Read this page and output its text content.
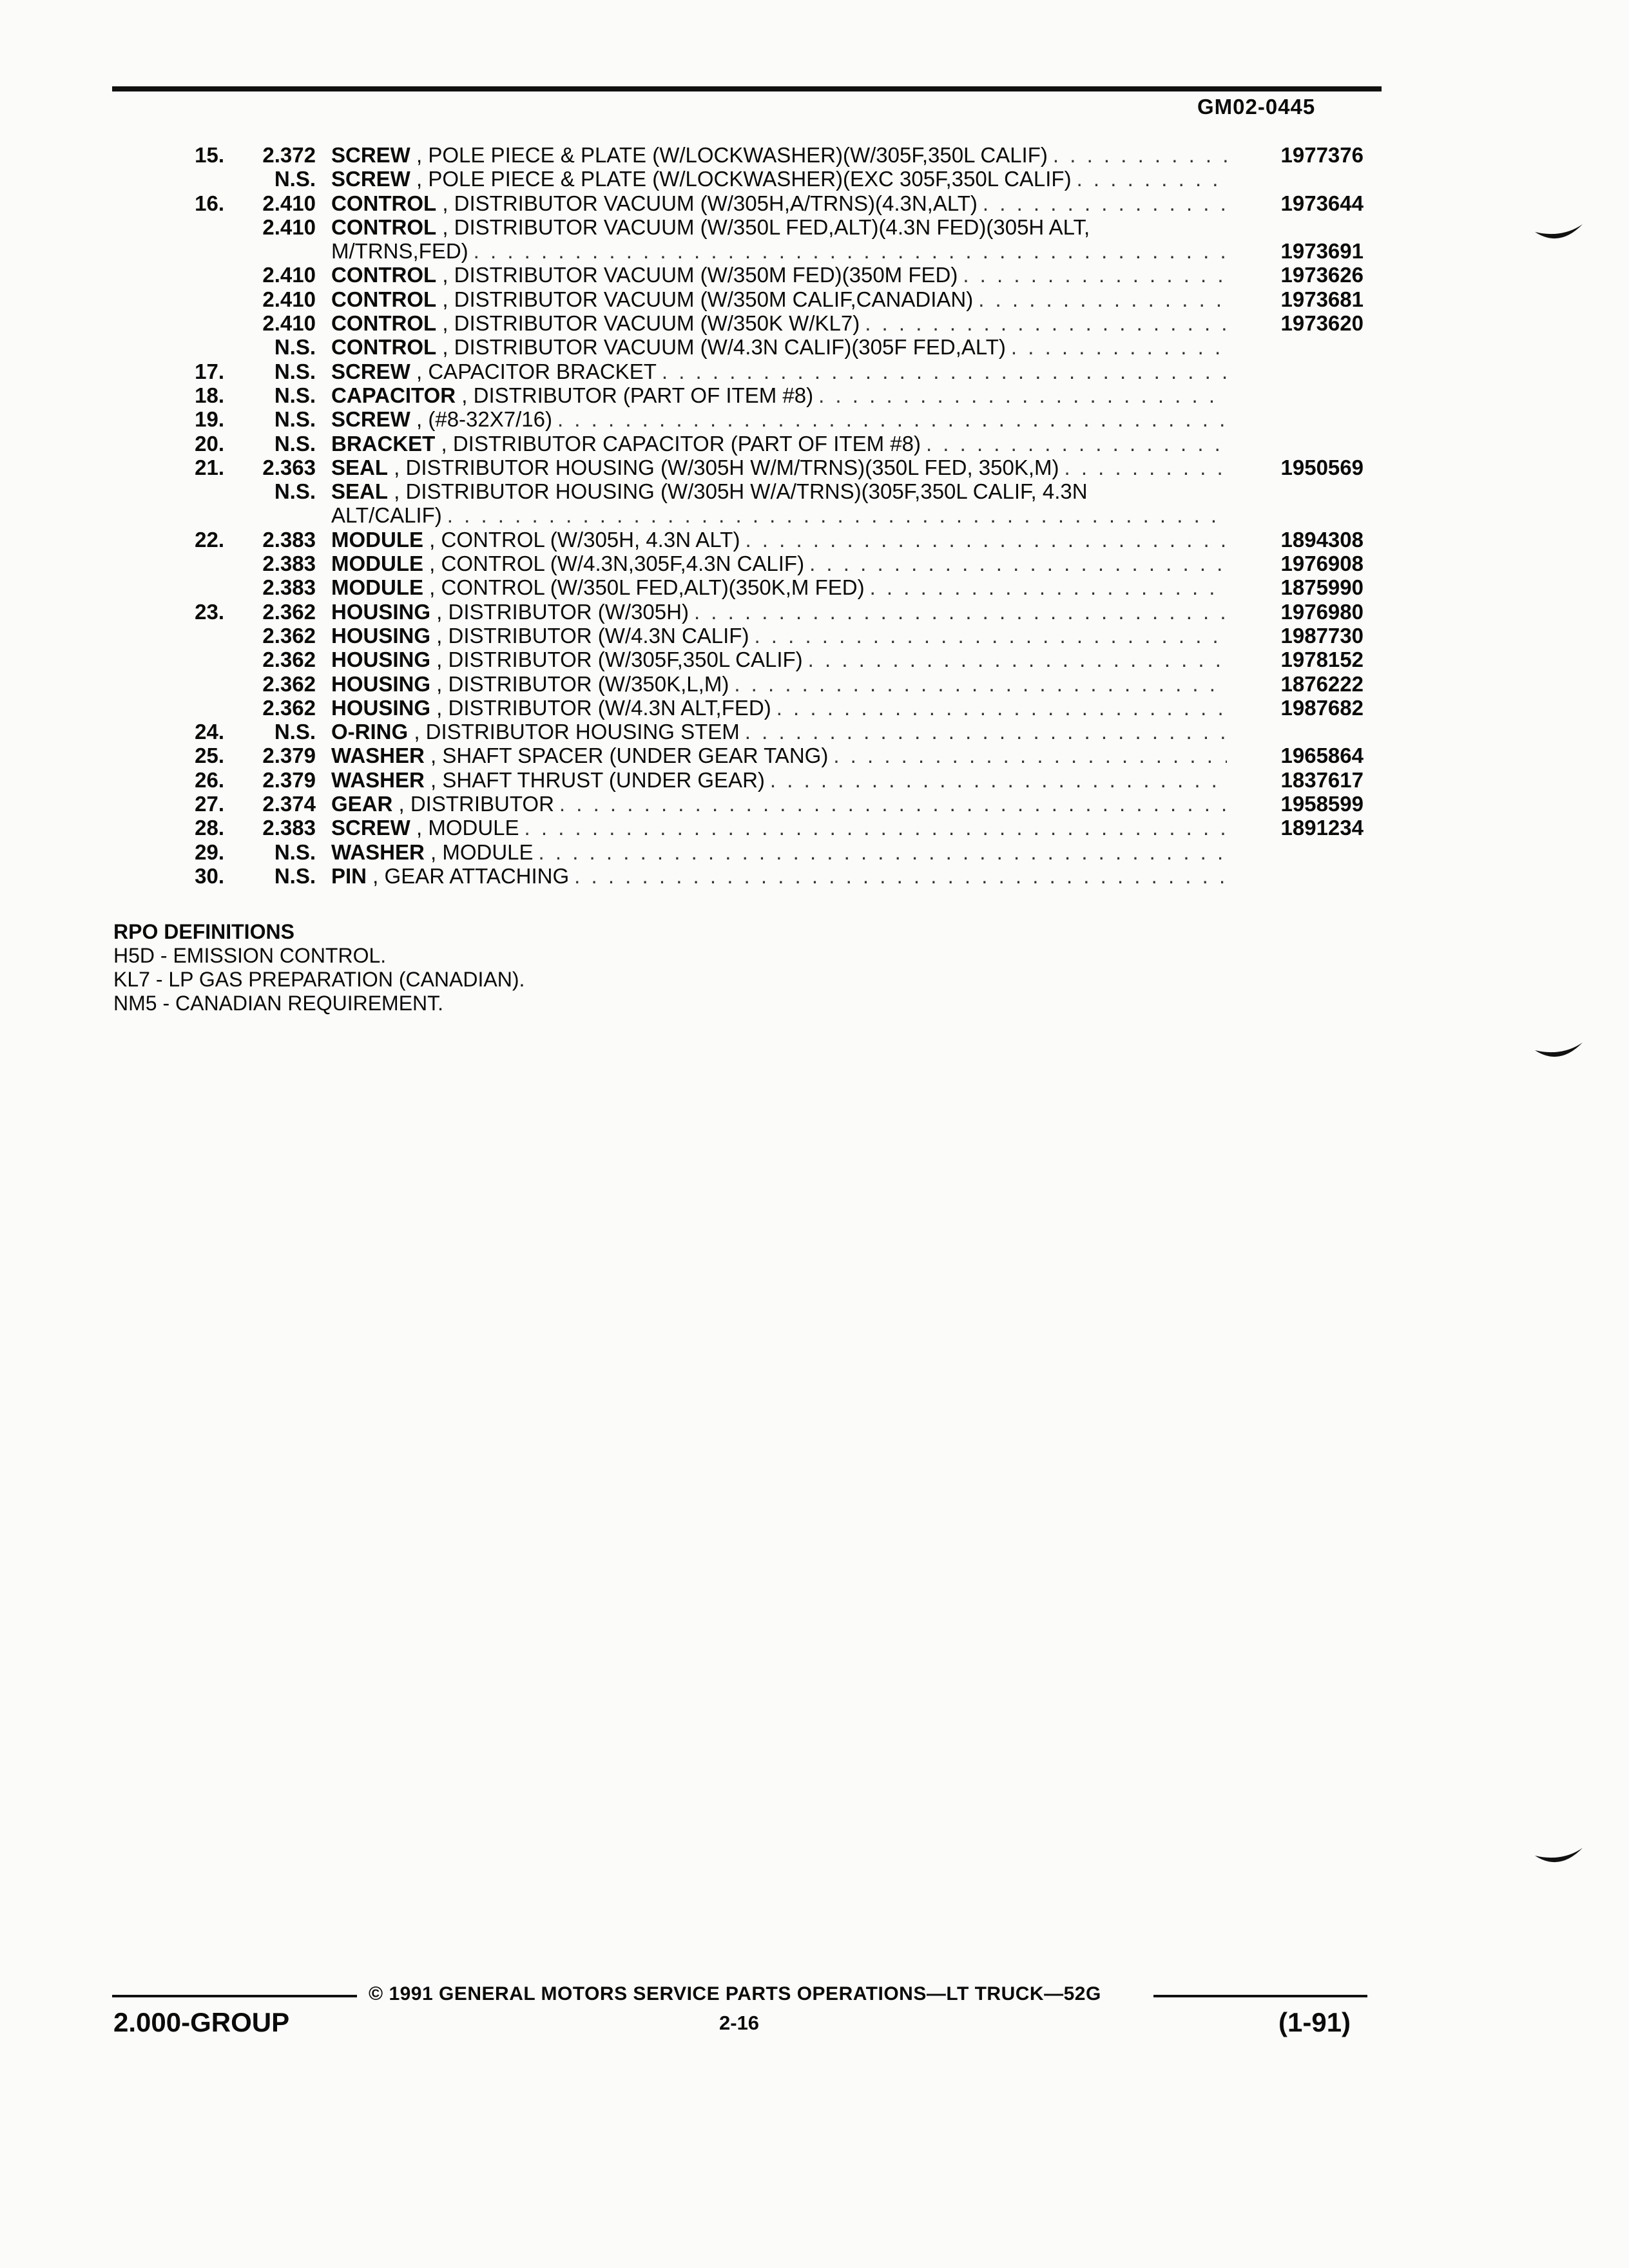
GM02-0445
15.	2.372 SCREW , POLE PIECE & PLATE (W/LOCKWASHER)(W/305F,350L CALIF) . . .	1977376
N.S. SCREW , POLE PIECE & PLATE (W/LOCKWASHER)(EXC 305F,350L CALIF)
. . .
16.	2.410 CONTROL , DISTRIBUTOR VACUUM (W/305H,A/TRNS)(4.3N,ALT) . . .	1973644
2.410 CONTROL , DISTRIBUTOR VACUUM (W/350L FED,ALT)(4.3N FED)(305H ALT,
M/TRNS,FED) . . .	1973691
2.410 CONTROL , DISTRIBUTOR VACUUM (W/350M FED)(350M FED) . . .	1973626
2.410 CONTROL , DISTRIBUTOR VACUUM (W/350M CALIF,CANADIAN) . . .	1973681
2.410 CONTROL , DISTRIBUTOR VACUUM (W/350K W/KL7) . . .	1973620
N.S. CONTROL , DISTRIBUTOR VACUUM (W/4.3N CALIF)(305F FED,ALT)
. . .
17.	N.S. SCREW , CAPACITOR BRACKET
. . .
18.	N.S. CAPACITOR , DISTRIBUTOR (PART OF ITEM #8)
. . .
19.	N.S. SCREW , (#8-32X7/16)
. . .
20.	N.S. BRACKET , DISTRIBUTOR CAPACITOR (PART OF ITEM #8)
. . .
21.	2.363 SEAL , DISTRIBUTOR HOUSING (W/305H W/M/TRNS)(350L FED, 350K,M) . . .	1950569
N.S. SEAL , DISTRIBUTOR HOUSING (W/305H W/A/TRNS)(305F,350L CALIF, 4.3N
ALT/CALIF)
. . .
22.	2.383 MODULE , CONTROL (W/305H, 4.3N ALT) . . .	1894308
2.383 MODULE , CONTROL (W/4.3N,305F,4.3N CALIF) . . .	1976908
2.383 MODULE , CONTROL (W/350L FED,ALT)(350K,M FED) . . .	1875990
23.	2.362 HOUSING , DISTRIBUTOR (W/305H) . . .	1976980
2.362 HOUSING , DISTRIBUTOR (W/4.3N CALIF) . . .	1987730
2.362 HOUSING , DISTRIBUTOR (W/305F,350L CALIF) . . .	1978152
2.362 HOUSING , DISTRIBUTOR (W/350K,L,M) . . .	1876222
2.362 HOUSING , DISTRIBUTOR (W/4.3N ALT,FED) . . .	1987682
24.	N.S. O-RING , DISTRIBUTOR HOUSING STEM
. . .
25.	2.379 WASHER , SHAFT SPACER (UNDER GEAR TANG) . . .	1965864
26.	2.379 WASHER , SHAFT THRUST (UNDER GEAR) . . .	1837617
27.	2.374 GEAR , DISTRIBUTOR . . .	1958599
28.	2.383 SCREW , MODULE . . .	1891234
29.	N.S. WASHER , MODULE
. . .
30.	N.S. PIN , GEAR ATTACHING
. . .
RPO DEFINITIONS
H5D - EMISSION CONTROL.
KL7 - LP GAS PREPARATION (CANADIAN).
NM5 - CANADIAN REQUIREMENT.
© 1991 GENERAL MOTORS SERVICE PARTS OPERATIONS—LT TRUCK—52G
2.000-GROUP	2-16	(1-91)
